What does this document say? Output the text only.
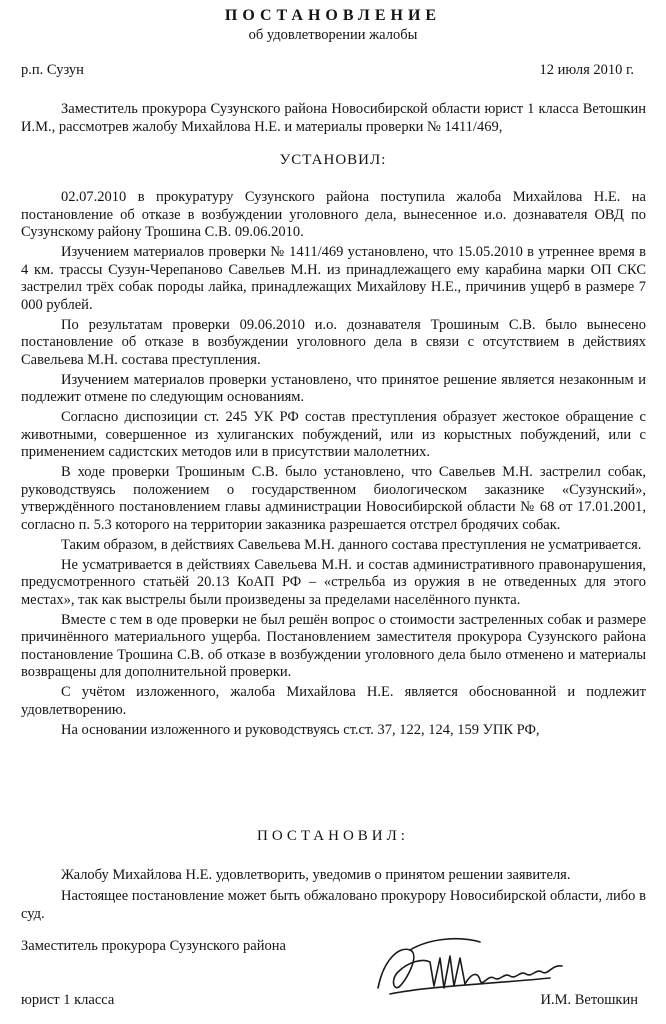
ПОСТАНОВЛЕНИЕ
об удовлетворении жалобы
р.п. Сузун	12 июля 2010 г.

Заместитель прокурора Сузунского района Новосибирской области юрист 1 класса Ветошкин И.М., рассмотрев жалобу Михайлова Н.Е. и материалы проверки № 1411/469,

УСТАНОВИЛ:

02.07.2010 в прокуратуру Сузунского района поступила жалоба Михайлова Н.Е. на постановление об отказе в возбуждении уголовного дела, вынесенное и.о. дознавателя ОВД по Сузунскому району Трошина С.В. 09.06.2010.

Изучением материалов проверки № 1411/469 установлено, что 15.05.2010 в утреннее время в 4 км. трассы Сузун-Черепаново Савельев М.Н. из принадлежащего ему карабина марки ОП СКС застрелил трёх собак породы лайка, принадлежащих Михайлову Н.Е., причинив ущерб в размере 7 000 рублей.

По результатам проверки 09.06.2010 и.о. дознавателя Трошиным С.В. было вынесено постановление об отказе в возбуждении уголовного дела в связи с отсутствием в действиях Савельева М.Н. состава преступления.

Изучением материалов проверки установлено, что принятое решение является незаконным и подлежит отмене по следующим основаниям.

Согласно диспозиции ст. 245 УК РФ состав преступления образует жестокое обращение с животными, совершенное из хулиганских побуждений, или из корыстных побуждений, или с применением садистских методов или в присутствии малолетних.

В ходе проверки Трошиным С.В. было установлено, что Савельев М.Н. застрелил собак, руководствуясь положением о государственном биологическом заказнике «Сузунский», утверждённого постановлением главы администрации Новосибирской области № 68 от 17.01.2001, согласно п. 5.3 которого на территории заказника разрешается отстрел бродячих собак.

Таким образом, в действиях Савельева М.Н. данного состава преступления не усматривается.

Не усматривается в действиях Савельева М.Н. и состав административного правонарушения, предусмотренного статьёй 20.13 КоАП РФ – «стрельба из оружия в не отведенных для этого местах», так как выстрелы были произведены за пределами населённого пункта.

Вместе с тем в оде проверки не был решён вопрос о стоимости застреленных собак и размере причинённого материального ущерба. Постановлением заместителя прокурора Сузунского района постановление Трошина С.В. об отказе в возбуждении уголовного дела было отменено и материалы возвращены для дополнительной проверки.

С учётом изложенного, жалоба Михайлова Н.Е. является обоснованной и подлежит удовлетворению.

На основании изложенного и руководствуясь ст.ст. 37, 122, 124, 159 УПК РФ,

ПОСТАНОВИЛ:

Жалобу Михайлова Н.Е. удовлетворить, уведомив о принятом решении заявителя.

Настоящее постановление может быть обжаловано прокурору Новосибирской области, либо в суд.

Заместитель прокурора Сузунского района
юрист 1 класса	И.М. Ветошкин
